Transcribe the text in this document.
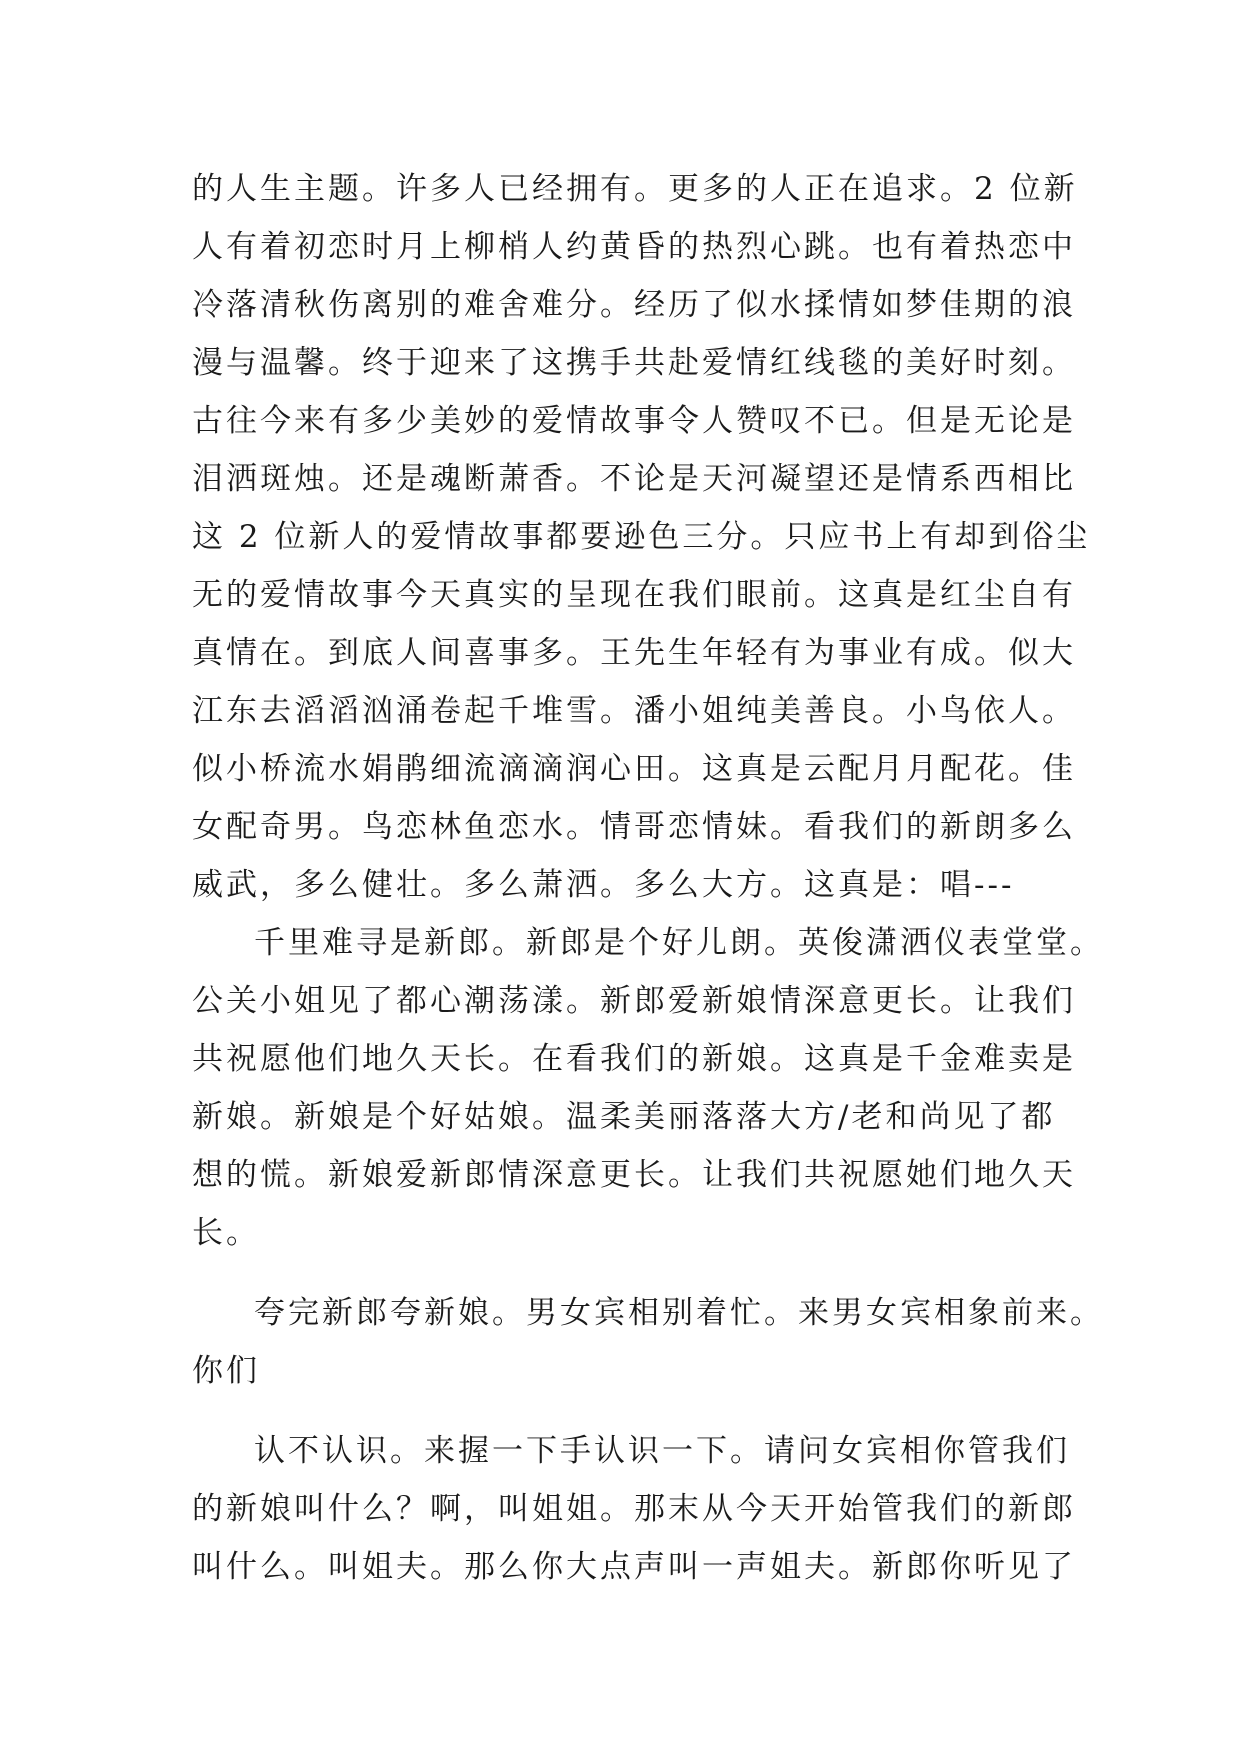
的人生主题。许多人已经拥有。更多的人正在追求。2 位新
人有着初恋时月上柳梢人约黄昏的热烈心跳。也有着热恋中
冷落清秋伤离别的难舍难分。经历了似水揉情如梦佳期的浪
漫与温馨。终于迎来了这携手共赴爱情红线毯的美好时刻。
古往今来有多少美妙的爱情故事令人赞叹不已。但是无论是
泪洒斑烛。还是魂断萧香。不论是天河凝望还是情系西相比
这 2 位新人的爱情故事都要逊色三分。只应书上有却到俗尘
无的爱情故事今天真实的呈现在我们眼前。这真是红尘自有
真情在。到底人间喜事多。王先生年轻有为事业有成。似大
江东去滔滔汹涌卷起千堆雪。潘小姐纯美善良。小鸟依人。
似小桥流水娟鹃细流滴滴润心田。这真是云配月月配花。佳
女配奇男。鸟恋林鱼恋水。情哥恋情妹。看我们的新朗多么
威武，多么健壮。多么萧洒。多么大方。这真是：唱---
千里难寻是新郎。新郎是个好儿朗。英俊潇洒仪表堂堂。
公关小姐见了都心潮荡漾。新郎爱新娘情深意更长。让我们
共祝愿他们地久天长。在看我们的新娘。这真是千金难卖是
新娘。新娘是个好姑娘。温柔美丽落落大方/老和尚见了都
想的慌。新娘爱新郎情深意更长。让我们共祝愿她们地久天
长。
夸完新郎夸新娘。男女宾相别着忙。来男女宾相象前来。
你们
认不认识。来握一下手认识一下。请问女宾相你管我们
的新娘叫什么？啊，叫姐姐。那末从今天开始管我们的新郎
叫什么。叫姐夫。那么你大点声叫一声姐夫。新郎你听见了
